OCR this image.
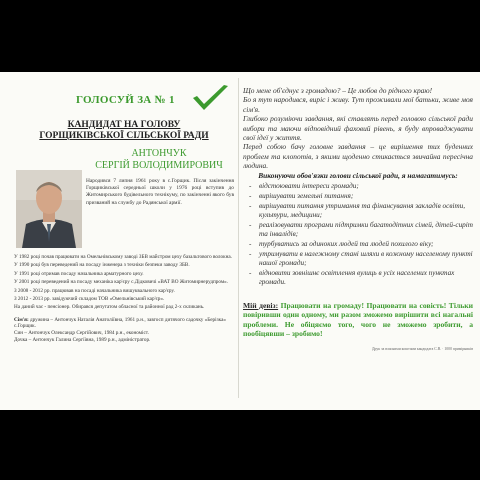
ГОЛОСУЙ ЗА № 1
КАНДИДАТ НА ГОЛОВУ
ГОРЩИКІВСЬКОЇ СІЛЬСЬКОЇ РАДИ
АНТОНЧУК
СЕРГІЙ ВОЛОДИМИРОВИЧ
Народився 7 липня 1961 року в с.Горщик. Після закінчення Горщиківської середньої школи у 1976 році вступив до Житомирського будівельного технікуму, по закінченні якого був призваний на службу до Радянської армії.

У 1982 році почав працювати на Омельнівському заводі ЗБВ майстром цеху базальтового волокна.

У 1990 році був переведений на посаду інженера з техніки безпеки заводу ЗБВ.

У 1991 році отримав посаду начальника арматурного цеху.

У 2001 році переведений на посаду механіка кар'єру с.Дідковичі «ВАТ ВО Житомирнерудпром».

З 2008 - 2012 рр. працював на посаді начальника вишуквального кар'єру.

З 2012 - 2013 рр. завідуючий складом ТОВ «Омельнівський кар'єр».

На даний час - пенсіонер. Обирався депутатом обласної та районної рад 2-х скликань.

Сім'я: дружина – Антончук Наталія Анатоліївна, 1961 р.н., завгосп дитячого садочку «Берізка» с.Горщик.
Син – Антончук Олександр Сергійович, 1984 р.н., економіст.
Дочка – Антончук Галина Сергіївна, 1989 р.н., адміністратор.

Що мене об'єднує з громадою? – Це любов до рідного краю!

Бо я тут народився, виріс і живу. Тут проживали мої батьки, живе моя сім'я.

Глибоко розуміючи завдання, які ставлять перед головою сільської ради вибори та маючи відповідний фаховий рівень, я буду впроваджувати свої ідеї у життя.

Перед собою бачу головне завдання – це вирішення тих буденних проблем та клопотів, з якими щоденно стикається звичайна пересічна людина.

Виконуючи обов'язки голови сільської ради, я намагатимусь:
- відстоювати інтереси громади;
- вирішувати земельні питання;
- вирішувати питання утримання та фінансування закладів освіти, культури, медицини;
- реалізовувати програми підтримки багатодітних сімей, дітей-сиріт та інвалідів;
- турбуватись за одиноких людей та людей похилого віку;
- утримувати в належному стані шляхи в кожному населеному пункті нашої громади;
- відновити зовнішнє освітлення вулиць в усіх населених пунктах громади.
Мій девіз: Працювати на громаду! Працювати на совість! Тільки повіривши один одному, ми разом зможемо вирішити всі нагальні проблеми. Не обіцяємо того, чого не зможемо зробити, а пообіцявши – зробимо!
Друк за власними коштами кандидата С.В. · 1000 примірників
